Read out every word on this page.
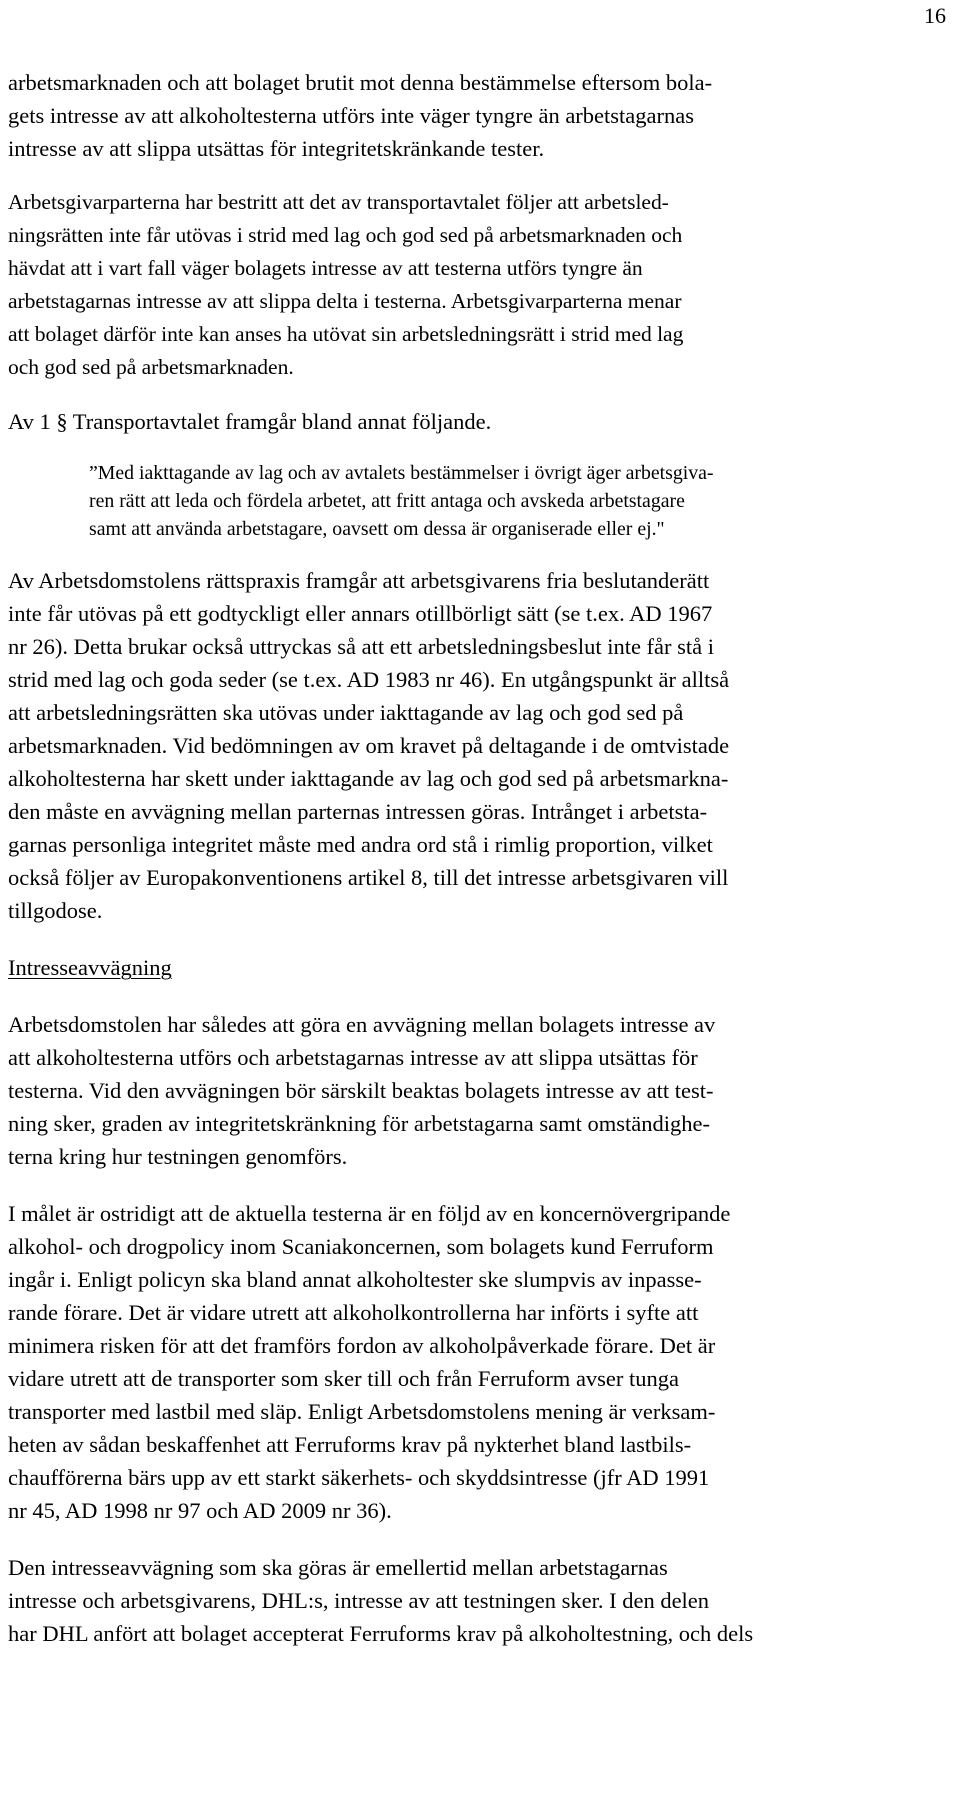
16
arbetsmarknaden och att bolaget brutit mot denna bestämmelse eftersom bola-
gets intresse av att alkoholtesterna utförs inte väger tyngre än arbetstagarnas
intresse av att slippa utsättas för integritetskränkande tester.
Arbetsgivarparterna har bestritt att det av transportavtalet följer att arbetsled-
ningsrätten inte får utövas i strid med lag och god sed på arbetsmarknaden och
hävdat att i vart fall väger bolagets intresse av att testerna utförs tyngre än
arbetstagarnas intresse av att slippa delta i testerna. Arbetsgivarparterna menar
att bolaget därför inte kan anses ha utövat sin arbetsledningsrätt i strid med lag
och god sed på arbetsmarknaden.
Av 1 § Transportavtalet framgår bland annat följande.
”Med iakttagande av lag och av avtalets bestämmelser i övrigt äger arbetsgiva-
ren rätt att leda och fördela arbetet, att fritt antaga och avskeda arbetstagare
samt att använda arbetstagare, oavsett om dessa är organiserade eller ej."
Av Arbetsdomstolens rättspraxis framgår att arbetsgivarens fria beslutanderätt
inte får utövas på ett godtyckligt eller annars otillbörligt sätt (se t.ex. AD 1967
nr 26). Detta brukar också uttryckas så att ett arbetsledningsbeslut inte får stå i
strid med lag och goda seder (se t.ex. AD 1983 nr 46). En utgångspunkt är alltså
att arbetsledningsrätten ska utövas under iakttagande av lag och god sed på
arbetsmarknaden. Vid bedömningen av om kravet på deltagande i de omtvistade
alkoholtesterna har skett under iakttagande av lag och god sed på arbetsmarkna-
den måste en avvägning mellan parternas intressen göras. Intrånget i arbetsta-
garnas personliga integritet måste med andra ord stå i rimlig proportion, vilket
också följer av Europakonventionens artikel 8, till det intresse arbetsgivaren vill
tillgodose.
Intresseavvägning
Arbetsdomstolen har således att göra en avvägning mellan bolagets intresse av
att alkoholtesterna utförs och arbetstagarnas intresse av att slippa utsättas för
testerna. Vid den avvägningen bör särskilt beaktas bolagets intresse av att test-
ning sker, graden av integritetskränkning för arbetstagarna samt omständighe-
terna kring hur testningen genomförs.
I målet är ostridigt att de aktuella testerna är en följd av en koncernövergripande
alkohol- och drogpolicy inom Scaniakoncernen, som bolagets kund Ferruform
ingår i. Enligt policyn ska bland annat alkoholtester ske slumpvis av inpasse-
rande förare. Det är vidare utrett att alkoholkontrollerna har införts i syfte att
minimera risken för att det framförs fordon av alkoholpåverkade förare. Det är
vidare utrett att de transporter som sker till och från Ferruform avser tunga
transporter med lastbil med släp. Enligt Arbetsdomstolens mening är verksam-
heten av sådan beskaffenhet att Ferruforms krav på nykterhet bland lastbils-
chaufförerna bärs upp av ett starkt säkerhets- och skyddsintresse (jfr AD 1991
nr 45, AD 1998 nr 97 och AD 2009 nr 36).
Den intresseavvägning som ska göras är emellertid mellan arbetstagarnas
intresse och arbetsgivarens, DHL:s, intresse av att testningen sker. I den delen
har DHL anfört att bolaget accepterat Ferruforms krav på alkoholtestning, och dels
